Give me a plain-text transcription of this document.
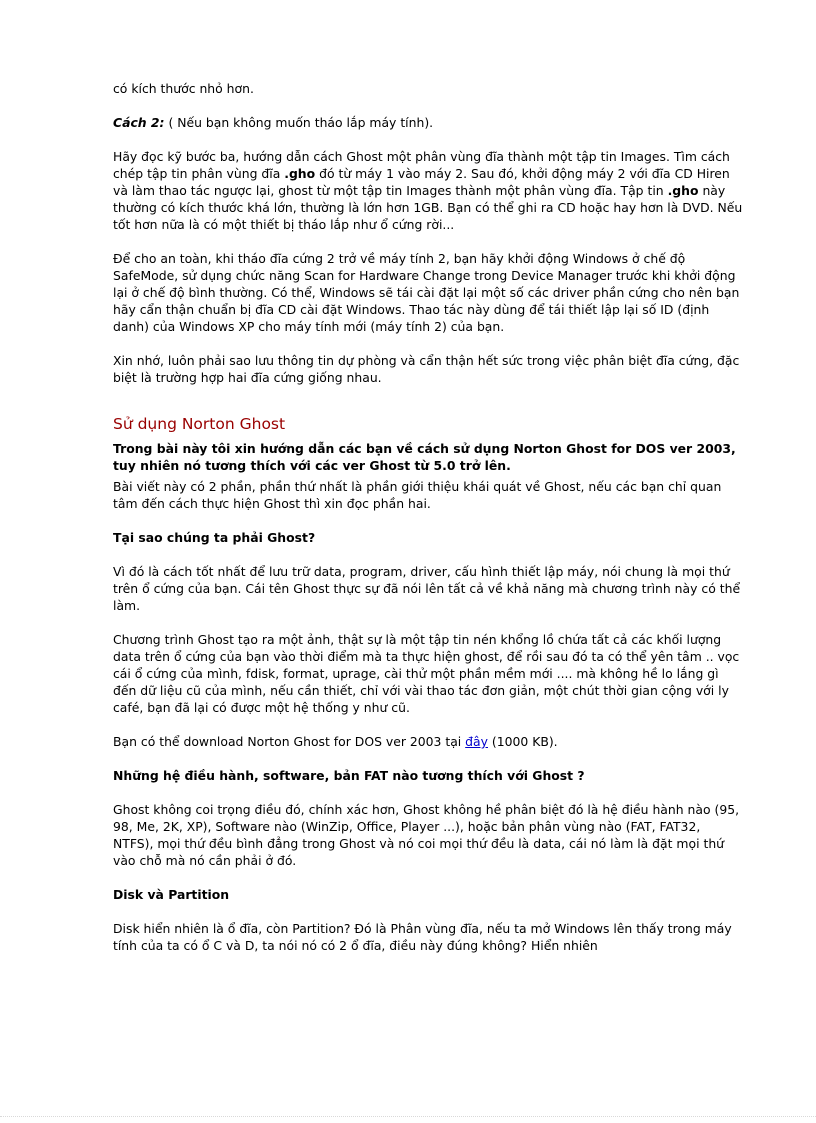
có kích thước nhỏ hơn.

Cách 2: ( Nếu bạn không muốn tháo lắp máy tính).

Hãy đọc kỹ bước ba, hướng dẫn cách Ghost một phân vùng đĩa thành một tập tin Images. Tìm cách chép tập tin phân vùng đĩa .gho đó từ máy 1 vào máy 2. Sau đó, khởi động máy 2 với đĩa CD Hiren và làm thao tác ngược lại, ghost từ một tập tin Images thành một phân vùng đĩa. Tập tin .gho này thường có kích thước khá lớn, thường là lớn hơn 1GB. Bạn có thể ghi ra CD hoặc hay hơn là DVD. Nếu tốt hơn nữa là có một thiết bị tháo lắp như ổ cứng rời...

Để cho an toàn, khi tháo đĩa cứng 2 trở về máy tính 2, bạn hãy khởi động Windows ở chế độ SafeMode, sử dụng chức năng Scan for Hardware Change trong Device Manager trước khi khởi động lại ở chế độ bình thường. Có thể, Windows sẽ tái cài đặt lại một số các driver phần cứng cho nên bạn hãy cẩn thận chuẩn bị đĩa CD cài đặt Windows. Thao tác này dùng để tái thiết lập lại số ID (định danh) của Windows XP cho máy tính mới (máy tính 2) của bạn.

Xin nhớ, luôn phải sao lưu thông tin dự phòng và cẩn thận hết sức trong việc phân biệt đĩa cứng, đặc biệt là trường hợp hai đĩa cứng giống nhau.

Sử dụng Norton Ghost

Trong bài này tôi xin hướng dẫn các bạn về cách sử dụng Norton Ghost for DOS ver 2003, tuy nhiên nó tương thích với các ver Ghost từ 5.0 trở lên.

Bài viết này có 2 phần, phần thứ nhất là phần giới thiệu khái quát về Ghost, nếu các bạn chỉ quan tâm đến cách thực hiện Ghost thì xin đọc phần hai.

Tại sao chúng ta phải Ghost?

Vì đó là cách tốt nhất để lưu trữ data, program, driver, cấu hình thiết lập máy, nói chung là mọi thứ trên ổ cứng của bạn. Cái tên Ghost thực sự đã nói lên tất cả về khả năng mà chương trình này có thể làm.

Chương trình Ghost tạo ra một ảnh, thật sự là một tập tin nén khổng lồ chứa tất cả các khối lượng data trên ổ cứng của bạn vào thời điểm mà ta thực hiện ghost, để rồi sau đó ta có thể yên tâm .. vọc cái ổ cứng của mình, fdisk, format, uprage, cài thử một phần mềm mới .... mà không hề lo lắng gì đến dữ liệu cũ của mình, nếu cần thiết, chỉ với vài thao tác đơn giản, một chút thời gian cộng với ly café, bạn đã lại có được một hệ thống y như cũ.

Bạn có thể download Norton Ghost for DOS ver 2003 tại đây (1000 KB).

Những hệ điều hành, software, bản FAT nào tương thích với Ghost ?

Ghost không coi trọng điều đó, chính xác hơn, Ghost không hề phân biệt đó là hệ điều hành nào (95, 98, Me, 2K, XP), Software nào (WinZip, Office, Player ...), hoặc bản phân vùng nào (FAT, FAT32, NTFS), mọi thứ đều bình đẳng trong Ghost và nó coi mọi thứ đều là data, cái nó làm là đặt mọi thứ vào chỗ mà nó cần phải ở đó.

Disk và Partition

Disk hiển nhiên là ổ đĩa, còn Partition? Đó là Phân vùng đĩa, nếu ta mở Windows lên thấy trong máy tính của ta có ổ C và D, ta nói nó có 2 ổ đĩa, điều này đúng không? Hiển nhiên
